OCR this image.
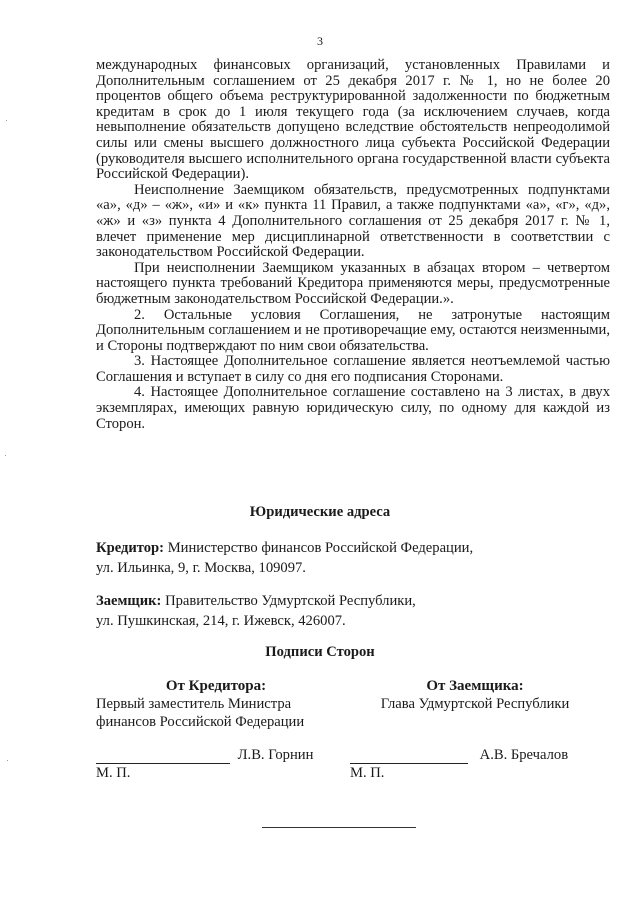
3

международных финансовых организаций, установленных Правилами и Дополнительным соглашением от 25 декабря 2017 г. № 1, но не более 20 процентов общего объема реструктурированной задолженности по бюджетным кредитам в срок до 1 июля текущего года (за исключением случаев, когда невыполнение обязательств допущено вследствие обстоятельств непреодолимой силы или смены высшего должностного лица субъекта Российской Федерации (руководителя высшего исполнительного органа государственной власти субъекта Российской Федерации).

Неисполнение Заемщиком обязательств, предусмотренных подпунктами «а», «д» – «ж», «и» и «к» пункта 11 Правил, а также подпунктами «а», «г», «д», «ж» и «з» пункта 4 Дополнительного соглашения от 25 декабря 2017 г. № 1, влечет применение мер дисциплинарной ответственности в соответствии с законодательством Российской Федерации.

При неисполнении Заемщиком указанных в абзацах втором – четвертом настоящего пункта требований Кредитора применяются меры, предусмотренные бюджетным законодательством Российской Федерации.».

2. Остальные условия Соглашения, не затронутые настоящим Дополнительным соглашением и не противоречащие ему, остаются неизменными, и Стороны подтверждают по ним свои обязательства.

3. Настоящее Дополнительное соглашение является неотъемлемой частью Соглашения и вступает в силу со дня его подписания Сторонами.

4. Настоящее Дополнительное соглашение составлено на 3 листах, в двух экземплярах, имеющих равную юридическую силу, по одному для каждой из Сторон.

Юридические адреса
Кредитор: Министерство финансов Российской Федерации,
ул. Ильинка, 9, г. Москва, 109097.
Заемщик: Правительство Удмуртской Республики,
ул. Пушкинская, 214, г. Ижевск, 426007.
Подписи Сторон
От Кредитора:
Первый заместитель Министра финансов Российской Федерации
От Заемщика:
Глава Удмуртской Республики
Л.В. Горнин
М. П.
А.В. Бречалов
М. П.
